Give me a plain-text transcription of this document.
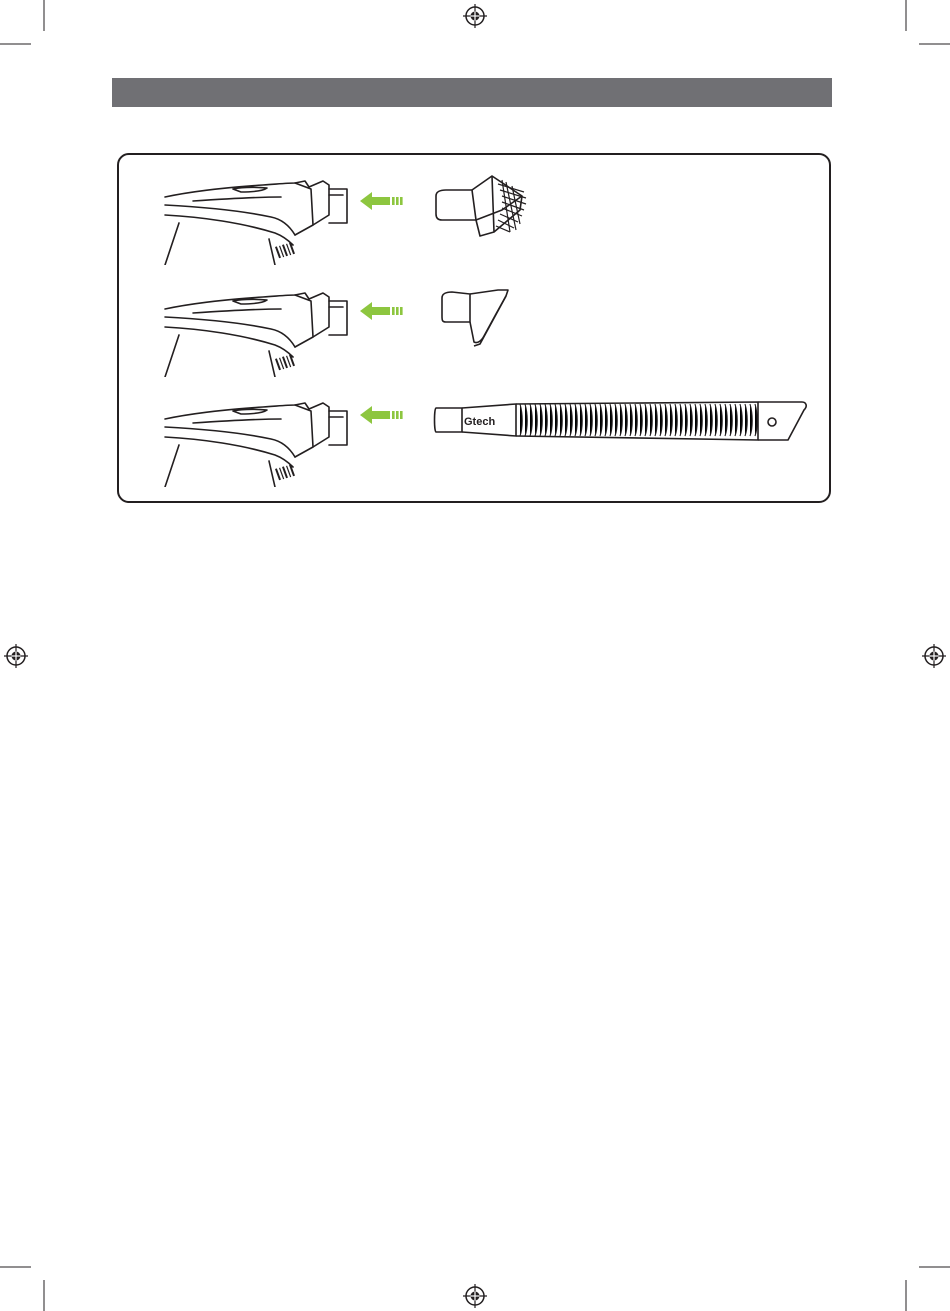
Gtech
